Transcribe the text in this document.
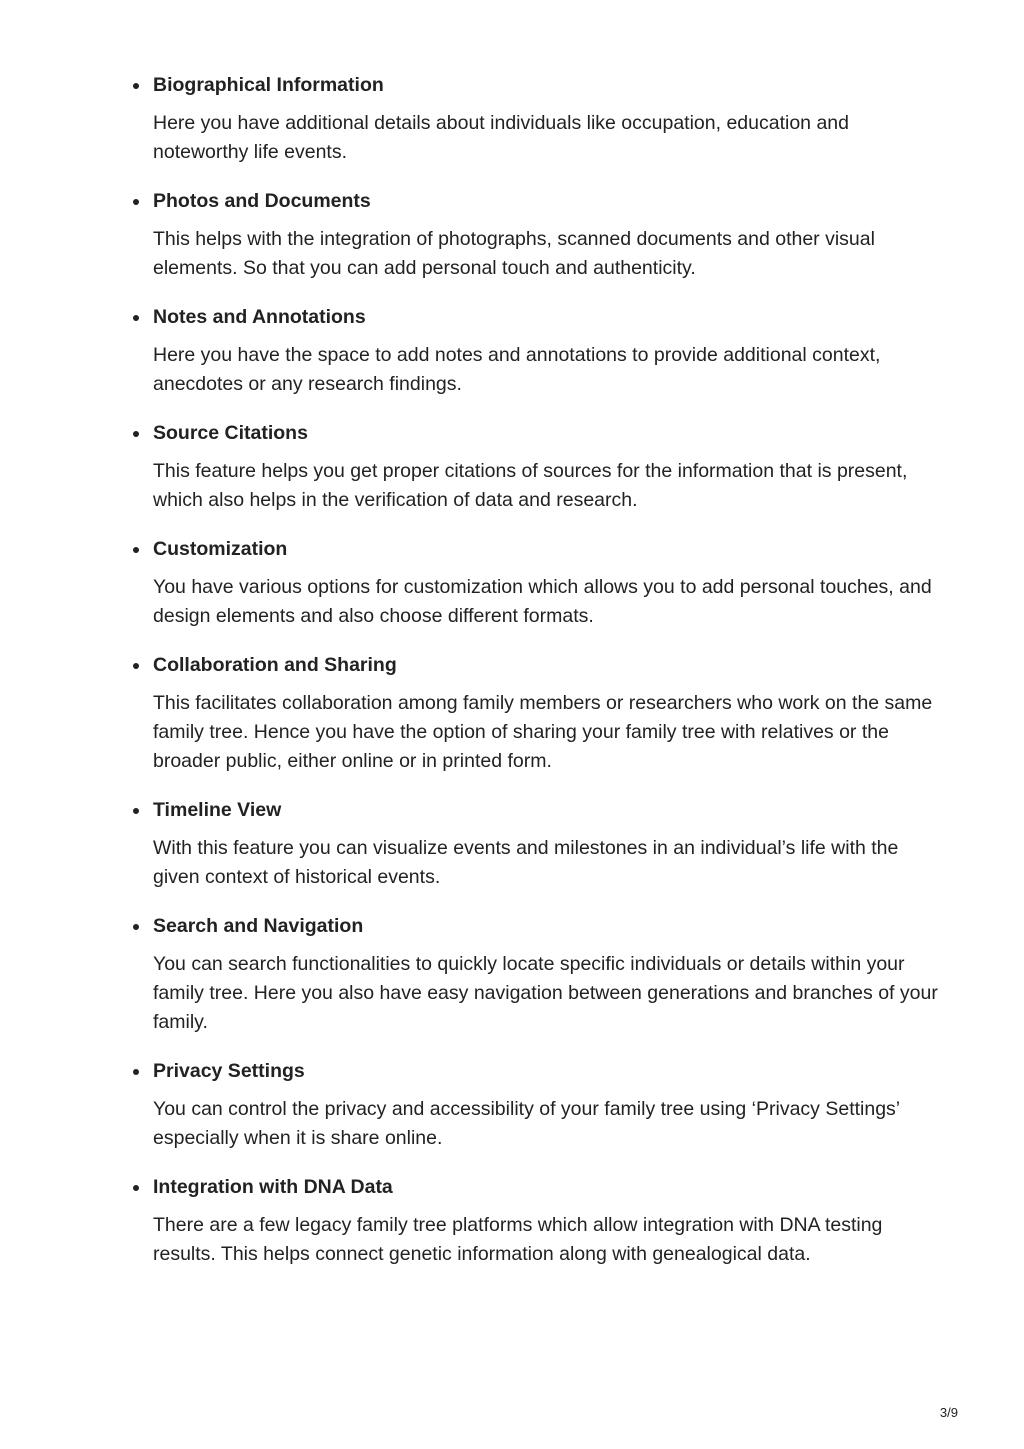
Biographical Information

Here you have additional details about individuals like occupation, education and noteworthy life events.

Photos and Documents

This helps with the integration of photographs, scanned documents and other visual elements. So that you can add personal touch and authenticity.

Notes and Annotations

Here you have the space to add notes and annotations to provide additional context, anecdotes or any research findings.

Source Citations

This feature helps you get proper citations of sources for the information that is present, which also helps in the verification of data and research.

Customization

You have various options for customization which allows you to add personal touches, and design elements and also choose different formats.

Collaboration and Sharing

This facilitates collaboration among family members or researchers who work on the same family tree. Hence you have the option of sharing your family tree with relatives or the broader public, either online or in printed form.

Timeline View

With this feature you can visualize events and milestones in an individual’s life with the given context of historical events.

Search and Navigation

You can search functionalities to quickly locate specific individuals or details within your family tree. Here you also have easy navigation between generations and branches of your family.

Privacy Settings

You can control the privacy and accessibility of your family tree using ‘Privacy Settings’ especially when it is share online.

Integration with DNA Data

There are a few legacy family tree platforms which allow integration with DNA testing results. This helps connect genetic information along with genealogical data.

3/9
